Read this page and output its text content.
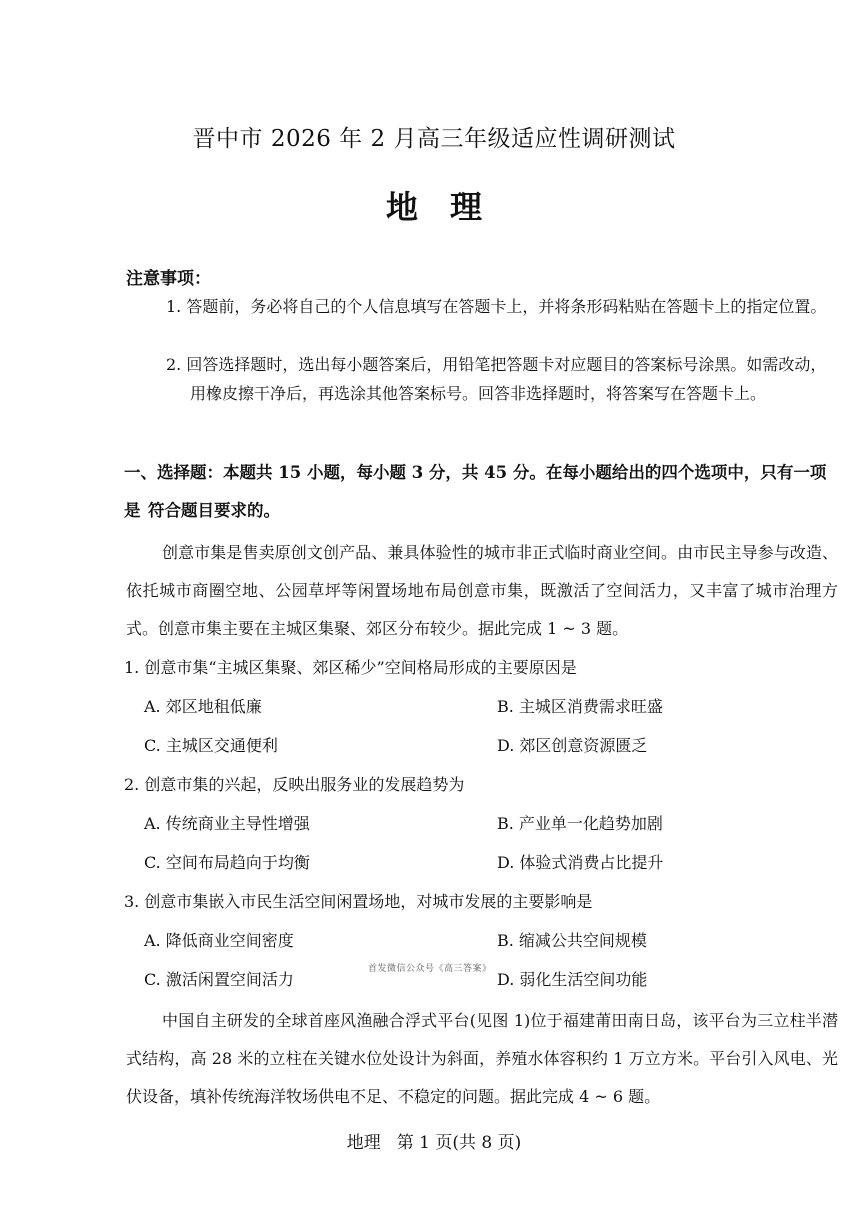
晋中市 2026 年 2 月高三年级适应性调研测试
地理
注意事项：
1. 答题前，务必将自己的个人信息填写在答题卡上，并将条形码粘贴在答题卡上的指定位置。
2. 回答选择题时，选出每小题答案后，用铅笔把答题卡对应题目的答案标号涂黑。如需改动，用橡皮擦干净后，再选涂其他答案标号。回答非选择题时，将答案写在答题卡上。
一、选择题：本题共 15 小题，每小题 3 分，共 45 分。在每小题给出的四个选项中，只有一项是 符合题目要求的。
创意市集是售卖原创文创产品、兼具体验性的城市非正式临时商业空间。由市民主导参与改造、依托城市商圈空地、公园草坪等闲置场地布局创意市集，既激活了空间活力，又丰富了城市治理方式。创意市集主要在主城区集聚、郊区分布较少。据此完成 1 ~ 3 题。
1. 创意市集“主城区集聚、郊区稀少”空间格局形成的主要原因是
A. 郊区地租低廉	B. 主城区消费需求旺盛
C. 主城区交通便利	D. 郊区创意资源匮乏
2. 创意市集的兴起，反映出服务业的发展趋势为
A. 传统商业主导性增强	B. 产业单一化趋势加剧
C. 空间布局趋向于均衡	D. 体验式消费占比提升
3. 创意市集嵌入市民生活空间闲置场地，对城市发展的主要影响是
A. 降低商业空间密度	B. 缩减公共空间规模
C. 激活闲置空间活力	D. 弱化生活空间功能
首发微信公众号《高三答案》
中国自主研发的全球首座风渔融合浮式平台(见图 1)位于福建莆田南日岛，该平台为三立柱半潜式结构，高 28 米的立柱在关键水位处设计为斜面，养殖水体容积约 1 万立方米。平台引入风电、光伏设备，填补传统海洋牧场供电不足、不稳定的问题。据此完成 4 ~ 6 题。
地理 第 1 页(共 8 页)
